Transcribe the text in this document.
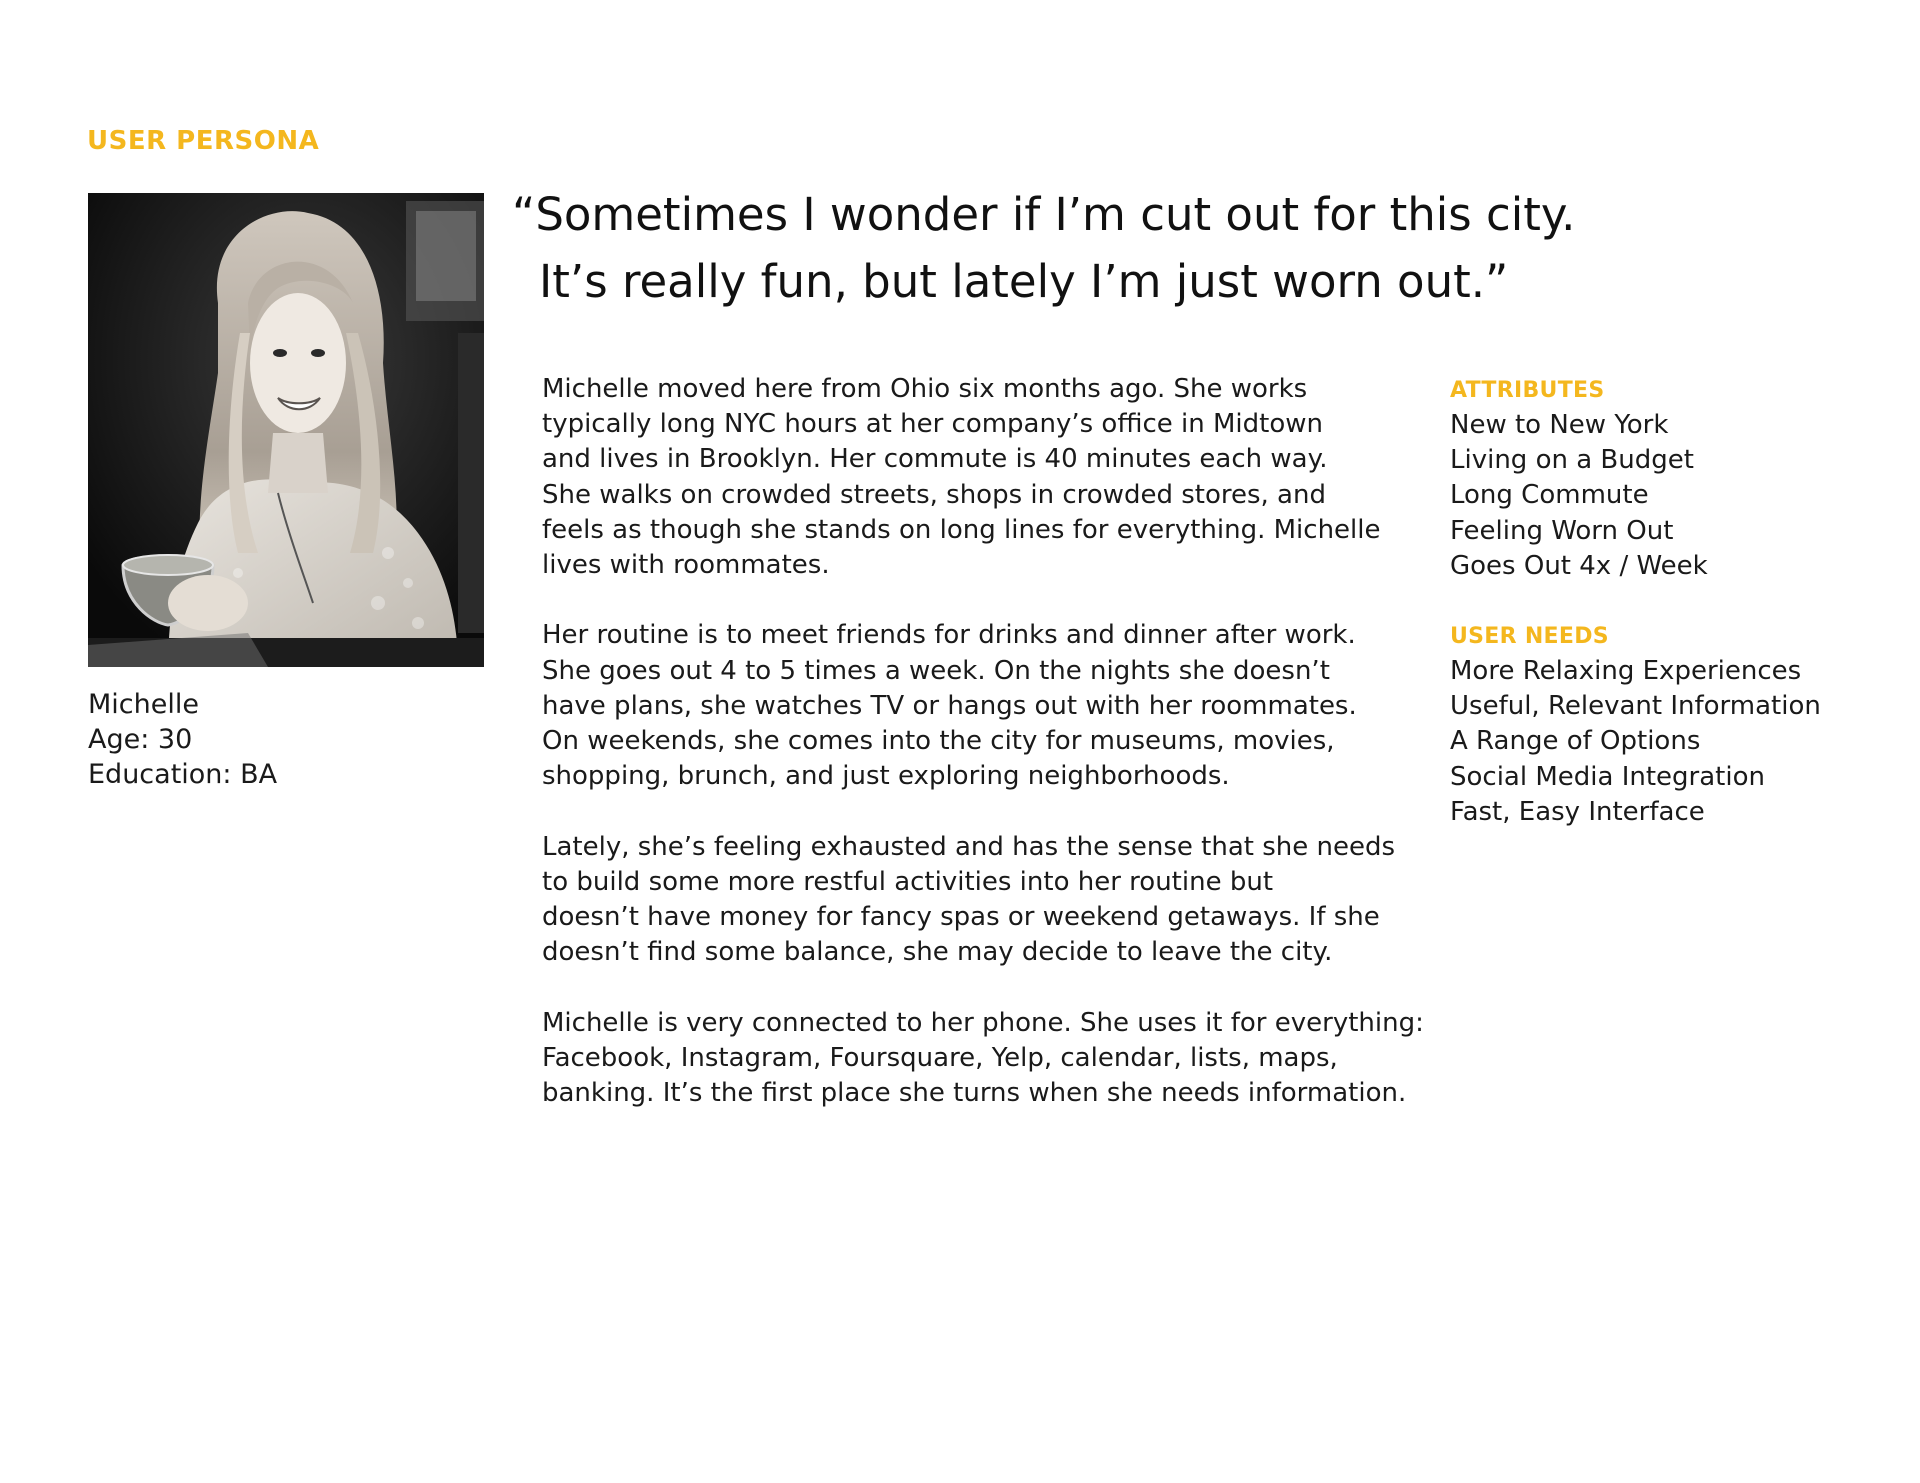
USER PERSONA
Michelle
Age: 30
Education: BA
“Sometimes I wonder if I’m cut out for this city.
It’s really fun, but lately I’m just worn out.”

Michelle moved here from Ohio six months ago. She works
typically long NYC hours at her company’s office in Midtown
and lives in Brooklyn. Her commute is 40 minutes each way.
She walks on crowded streets, shops in crowded stores, and
feels as though she stands on long lines for everything. Michelle
lives with roommates.

Her routine is to meet friends for drinks and dinner after work.
She goes out 4 to 5 times a week. On the nights she doesn’t
have plans, she watches TV or hangs out with her roommates.
On weekends, she comes into the city for museums, movies,
shopping, brunch, and just exploring neighborhoods.

Lately, she’s feeling exhausted and has the sense that she needs
to build some more restful activities into her routine but
doesn’t have money for fancy spas or weekend getaways. If she
doesn’t find some balance, she may decide to leave the city.

Michelle is very connected to her phone. She uses it for everything:
Facebook, Instagram, Foursquare, Yelp, calendar, lists, maps,
banking. It’s the first place she turns when she needs information.

ATTRIBUTES
New to New York
Living on a Budget
Long Commute
Feeling Worn Out
Goes Out 4x / Week
USER NEEDS
More Relaxing Experiences
Useful, Relevant Information
A Range of Options
Social Media Integration
Fast, Easy Interface
